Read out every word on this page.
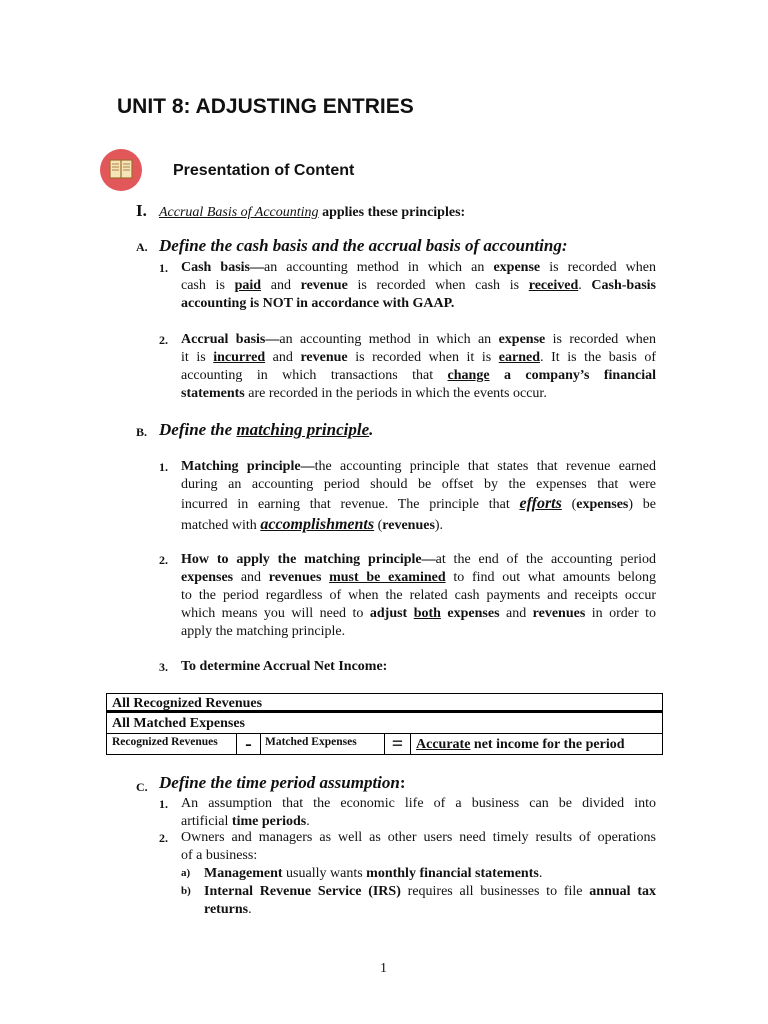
UNIT 8: ADJUSTING ENTRIES
Presentation of Content
I. Accrual Basis of Accounting applies these principles:
A. Define the cash basis and the accrual basis of accounting:
1. Cash basis—an accounting method in which an expense is recorded when
cash is paid and revenue is recorded when cash is received. Cash-basis
accounting is NOT in accordance with GAAP.
2. Accrual basis—an accounting method in which an expense is recorded when
it is incurred and revenue is recorded when it is earned. It is the basis of
accounting in which transactions that change a company’s financial
statements are recorded in the periods in which the events occur.
B. Define the matching principle.
1. Matching principle—the accounting principle that states that revenue earned
during an accounting period should be offset by the expenses that were
incurred in earning that revenue. The principle that efforts (expenses) be
matched with accomplishments (revenues).
2. How to apply the matching principle—at the end of the accounting period
expenses and revenues must be examined to find out what amounts belong
to the period regardless of when the related cash payments and receipts occur
which means you will need to adjust both expenses and revenues in order to
apply the matching principle.
3. To determine Accrual Net Income:
All Recognized Revenues
All Matched Expenses
Recognized Revenues	-	Matched Expenses	= Accurate net income for the period
C. Define the time period assumption:
1. An assumption that the economic life of a business can be divided into
artificial time periods.
2. Owners and managers as well as other users need timely results of operations
of a business:
a) Management usually wants monthly financial statements.
b) Internal Revenue Service (IRS) requires all businesses to file annual tax
returns.
1
